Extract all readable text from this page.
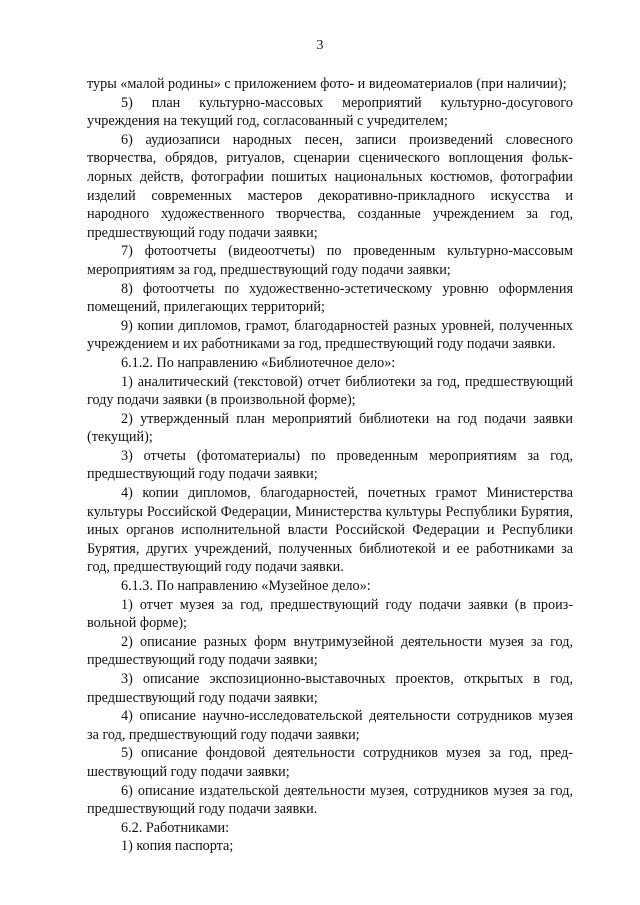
3

туры «малой родины» с приложением фото- и видеоматериалов (при наличии);

5) план культурно-массовых мероприятий культурно-досугового учреждения на текущий год, согласованный с учредителем;

6) аудиозаписи народных песен, записи произведений словесного творчества, обрядов, ритуалов, сценарии сценического воплощения фольклорных действ, фотографии пошитых национальных костюмов, фотографии изделий современных мастеров декоративно-прикладного искусства и народного художественного творчества, созданные учреждением за год, предшествующий году подачи заявки;

7) фотоотчеты (видеоотчеты) по проведенным культурно-массовым мероприятиям за год, предшествующий году подачи заявки;

8) фотоотчеты по художественно-эстетическому уровню оформления помещений, прилегающих территорий;

9) копии дипломов, грамот, благодарностей разных уровней, полученных учреждением и их работниками за год, предшествующий году подачи заявки.

6.1.2. По направлению «Библиотечное дело»:

1) аналитический (текстовой) отчет библиотеки за год, предшествующий году подачи заявки (в произвольной форме);

2) утвержденный план мероприятий библиотеки на год подачи заявки (текущий);

3) отчеты (фотоматериалы) по проведенным мероприятиям за год, предшествующий году подачи заявки;

4) копии дипломов, благодарностей, почетных грамот Министерства культуры Российской Федерации, Министерства культуры Республики Бурятия, иных органов исполнительной власти Российской Федерации и Республики Бурятия, других учреждений, полученных библиотекой и ее работниками за год, предшествующий году подачи заявки.

6.1.3. По направлению «Музейное дело»:

1) отчет музея за год, предшествующий году подачи заявки (в произвольной форме);

2) описание разных форм внутримузейной деятельности музея за год, предшествующий году подачи заявки;

3) описание экспозиционно-выставочных проектов, открытых в год, предшествующий году подачи заявки;

4) описание научно-исследовательской деятельности сотрудников музея за год, предшествующий году подачи заявки;

5) описание фондовой деятельности сотрудников музея за год, предшествующий году подачи заявки;

6) описание издательской деятельности музея, сотрудников музея за год, предшествующий году подачи заявки.

6.2. Работниками:

1) копия паспорта;
